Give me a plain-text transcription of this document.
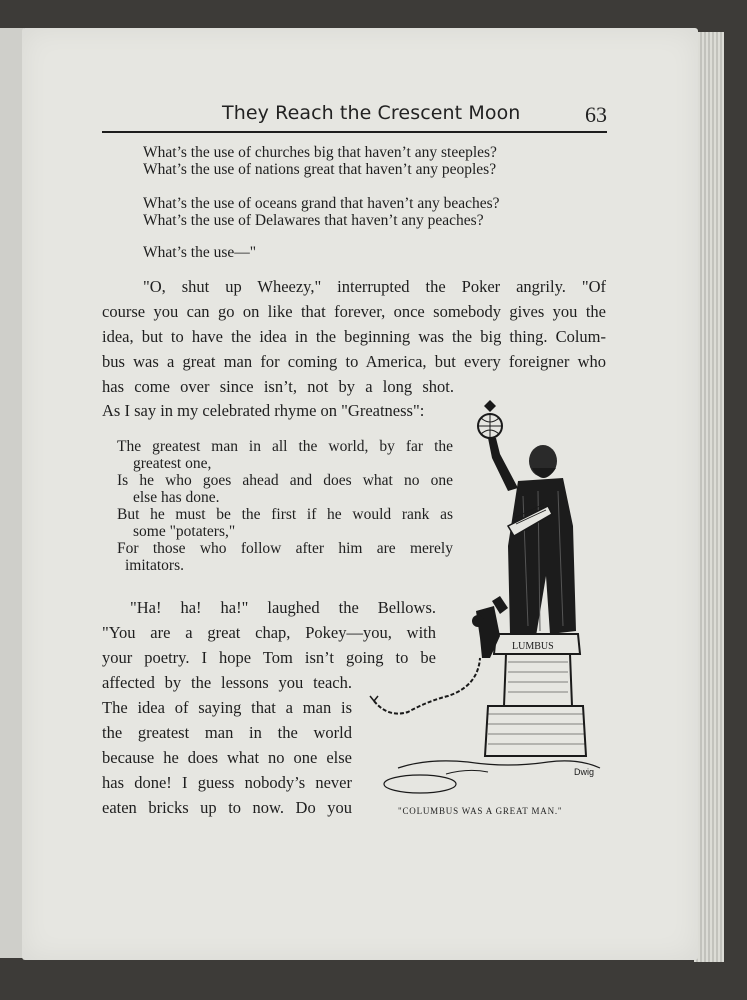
They Reach the Crescent Moon	63
What’s the use of churches big that haven’t any steeples?
What’s the use of nations great that haven’t any peoples?
What’s the use of oceans grand that haven’t any beaches?
What’s the use of Delawares that haven’t any peaches?
What’s the use—"
"O, shut up Wheezy," interrupted the Poker angrily. "Of
course you can go on like that forever, once somebody gives you the
idea, but to have the idea in the beginning was the big thing. Colum-
bus was a great man for coming to America, but every foreigner who
has come over since isn’t, not by a long shot.
As I say in my celebrated rhyme on "Greatness":
The greatest man in all the world, by far the
greatest one,
Is he who goes ahead and does what no one
else has done.
But he must be the first if he would rank as
some "potaters,"
For those who follow after him are merely
imitators.
"Ha! ha! ha!" laughed the Bellows.
"You are a great chap, Pokey—you, with
your poetry. I hope Tom isn’t going to be
affected by the lessons you teach.
The idea of saying that a man is
the greatest man in the world
because he does what no one else
has done! I guess nobody’s never
eaten bricks up to now. Do you
LUMBUS
Dwig
"COLUMBUS WAS A GREAT MAN."
